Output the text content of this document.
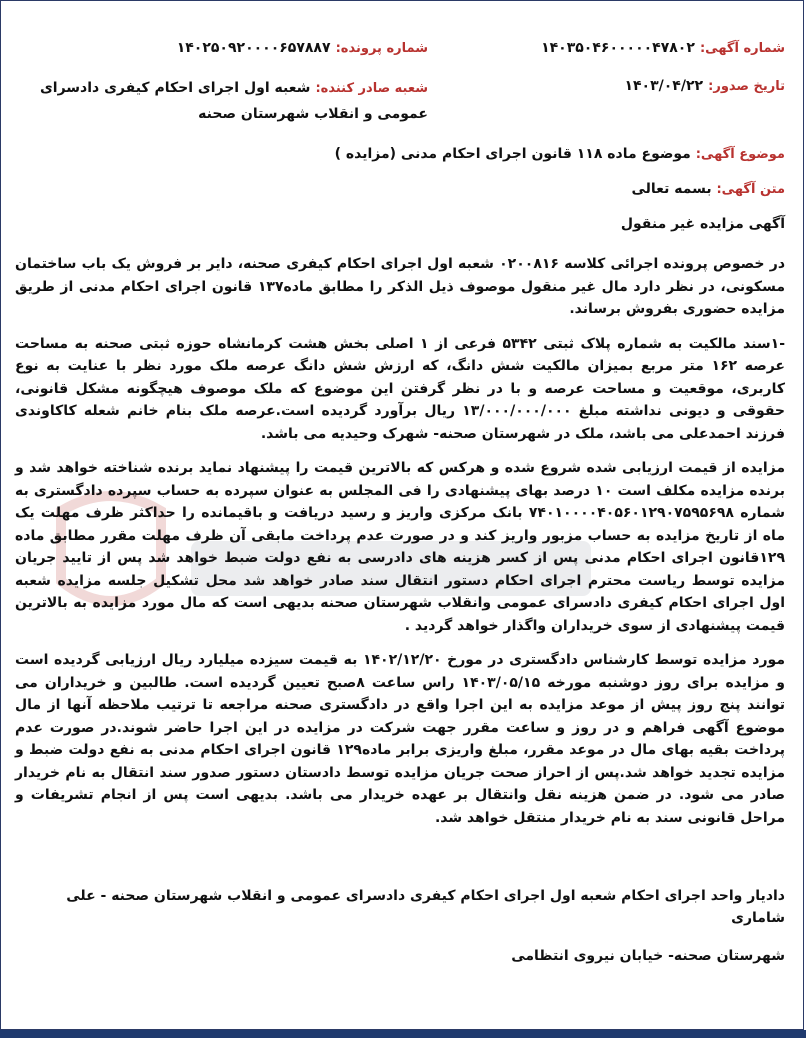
شماره آگهی: ۱۴۰۳۵۰۴۶۰۰۰۰۰۴۷۸۰۲
شماره پرونده: ۱۴۰۲۵۰۹۲۰۰۰۰۶۵۷۸۸۷
تاریخ صدور: ۱۴۰۳/۰۴/۲۲
شعبه صادر کننده: شعبه اول اجرای احکام کیفری دادسرای عمومی و انقلاب شهرستان صحنه
موضوع آگهی: موضوع ماده ۱۱۸ قانون اجرای احکام مدنی (مزایده )
متن آگهی: بسمه تعالی
آگهی مزایده غیر منقول

در خصوص پرونده اجرائی کلاسه ۰۲۰۰۸۱۶ شعبه اول اجرای احکام کیفری صحنه، دایر بر فروش یک باب ساختمان مسکونی، در نظر دارد مال غیر منقول موصوف ذیل الذکر را مطابق ماده۱۳۷ قانون اجرای احکام مدنی از طریق مزایده حضوری بفروش برساند.

-۱سند مالکیت به شماره پلاک ثبتی ۵۳۴۲ فرعی از ۱ اصلی بخش هشت کرمانشاه حوزه ثبتی صحنه به مساحت عرصه ۱۶۲ متر مربع بمیزان مالکیت شش دانگ، که ارزش شش دانگ عرصه ملک مورد نظر با عنایت به نوع کاربری، موقعیت و مساحت عرصه و با در نظر گرفتن این موضوع که ملک موصوف هیچگونه مشکل قانونی، حقوقی و دیونی نداشته مبلغ ۱۳/۰۰۰/۰۰۰/۰۰۰ ریال برآورد گردیده است.عرصه ملک بنام خانم شعله کاکاوندی فرزند احمدعلی می باشد، ملک در شهرستان صحنه- شهرک وحیدیه می باشد.

مزایده از قیمت ارزیابی شده شروع شده و هرکس که بالاترین قیمت را پیشنهاد نماید برنده شناخته خواهد شد و برنده مزایده مکلف است ۱۰ درصد بهای پیشنهادی را فی المجلس به عنوان سپرده به حساب سپرده دادگستری به شماره ۷۴۰۱۰۰۰۰۴۰۵۶۰۱۲۹۰۷۵۹۵۶۹۸ بانک مرکزی واریز و رسید دریافت و باقیمانده را حداکثر ظرف مهلت یک ماه از تاریخ مزایده به حساب مزبور واریز کند و در صورت عدم پرداخت مابقی آن ظرف مهلت مقرر مطابق ماده ۱۲۹قانون اجرای احکام مدنی پس از کسر هزینه های دادرسی به نفع دولت ضبط خواهد شد پس از تایید جریان مزایده توسط ریاست محترم اجرای احکام دستور انتقال سند صادر خواهد شد محل تشکیل جلسه مزایده شعبه اول اجرای احکام کیفری دادسرای عمومی وانقلاب شهرستان صحنه بدیهی است که مال مورد مزایده به بالاترین قیمت پیشنهادی از سوی خریداران واگذار خواهد گردید .

مورد مزایده توسط کارشناس دادگستری در مورخ ۱۴۰۲/۱۲/۲۰ به قیمت سیزده میلیارد ریال ارزیابی گردیده است و مزایده برای روز دوشنبه مورخه ۱۴۰۳/۰۵/۱۵ راس ساعت ۸صبح تعیین گردیده است. طالبین و خریداران می توانند پنج روز پیش از موعد مزایده به این اجرا واقع در دادگستری صحنه مراجعه تا ترتیب ملاحظه آنها از مال موضوع آگهی فراهم و در روز و ساعت مقرر جهت شرکت در مزایده در این اجرا حاضر شوند.در صورت عدم پرداخت بقیه بهای مال در موعد مقرر، مبلغ واریزی برابر ماده۱۲۹ قانون اجرای احکام مدنی به نفع دولت ضبط و مزایده تجدید خواهد شد.پس از احراز صحت جریان مزایده توسط دادستان دستور صدور سند انتقال به نام خریدار صادر می شود. در ضمن هزینه نقل وانتقال بر عهده خریدار می باشد. بدیهی است پس از انجام تشریفات و مراحل قانونی سند به نام خریدار منتقل خواهد شد.

دادیار واحد اجرای احکام شعبه اول اجرای احکام کیفری دادسرای عمومی و انقلاب شهرستان صحنه - علی شاماری
شهرستان صحنه- خیابان نیروی انتظامی
